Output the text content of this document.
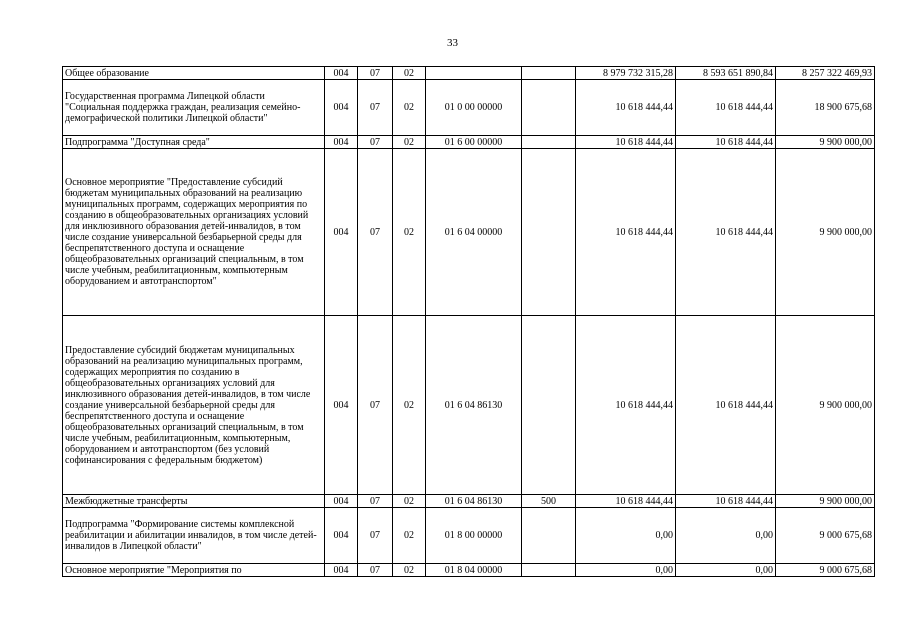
33
Общее образование	004	07	02			8 979 732 315,28	8 593 651 890,84	8 257 322 469,93
Государственная программа Липецкой области "Социальная поддержка граждан, реализация семейно-демографической политики Липецкой области"	004	07	02	01 0 00 00000		10 618 444,44	10 618 444,44	18 900 675,68
Подпрограмма "Доступная среда"	004	07	02	01 6 00 00000		10 618 444,44	10 618 444,44	9 900 000,00
Основное мероприятие "Предоставление субсидий бюджетам муниципальных образований на реализацию муниципальных программ, содержащих мероприятия по созданию в общеобразовательных организациях условий для инклюзивного образования детей-инвалидов, в том числе создание универсальной безбарьерной среды для беспрепятственного доступа и оснащение общеобразовательных организаций специальным, в том числе учебным, реабилитационным, компьютерным оборудованием и автотранспортом"	004	07	02	01 6 04 00000		10 618 444,44	10 618 444,44	9 900 000,00
Предоставление субсидий бюджетам муниципальных образований на реализацию муниципальных программ, содержащих мероприятия по созданию в общеобразовательных организациях условий для инклюзивного образования детей-инвалидов, в том числе создание универсальной безбарьерной среды для беспрепятственного доступа и оснащение общеобразовательных организаций специальным, в том числе учебным, реабилитационным, компьютерным, оборудованием и автотранспортом (без условий софинансирования с федеральным бюджетом)	004	07	02	01 6 04 86130		10 618 444,44	10 618 444,44	9 900 000,00
Межбюджетные трансферты	004	07	02	01 6 04 86130	500	10 618 444,44	10 618 444,44	9 900 000,00
Подпрограмма "Формирование системы комплексной реабилитации и абилитации инвалидов, в том числе детей-инвалидов в Липецкой области"	004	07	02	01 8 00 00000		0,00	0,00	9 000 675,68
Основное мероприятие "Мероприятия по	004	07	02	01 8 04 00000		0,00	0,00	9 000 675,68
